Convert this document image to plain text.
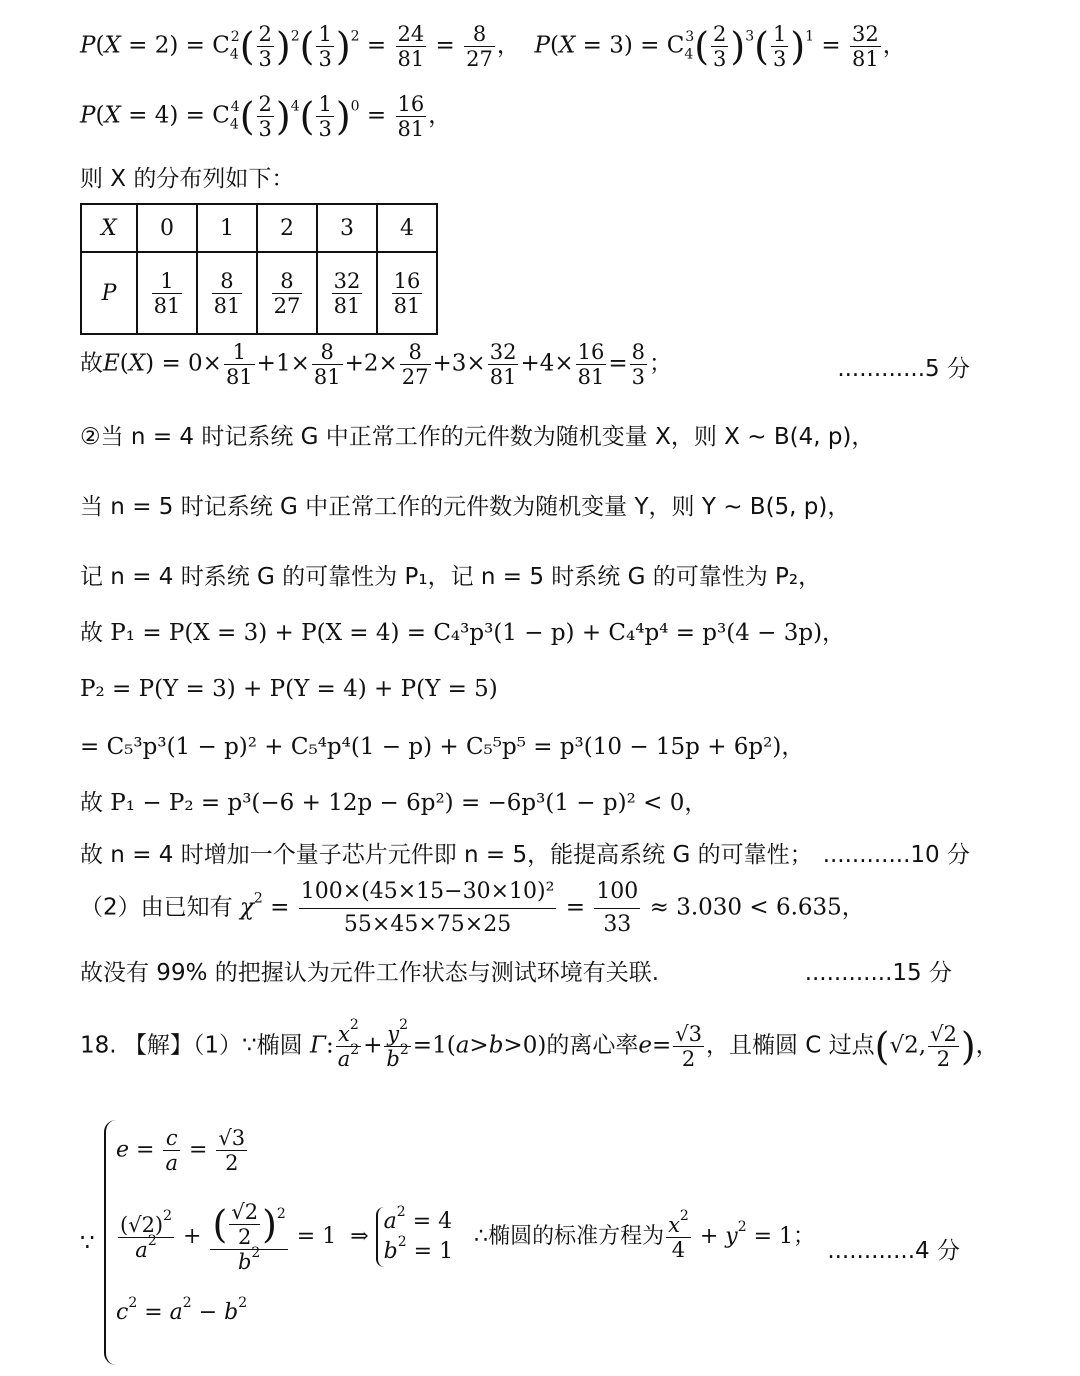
$P(X = 2) = C_4^2( \frac{2}{3} )^2( \frac{1}{3} )^2 = \frac{24}{81} = \frac{8}{27}$ ，  $P(X = 3) = C_4^3( \frac{2}{3} )^3( \frac{1}{3} )^1 = \frac{32}{81}$ ，
$P(X = 4) = C_4^4( \frac{2}{3} )^4( \frac{1}{3} )^0 = \frac{16}{81}$ ，
则 X 的分布列如下：
X	0	1	2	3	4
P	$\frac{1}{81}$	$\frac{8}{81}$	$\frac{8}{27}$	$\frac{32}{81}$	$\frac{16}{81}$
故$E(X) = 0\times \frac{1}{81} +1\times \frac{8}{81} +2\times \frac{8}{27} +3\times \frac{32}{81} +4\times \frac{16}{81} = \frac{8}{3}$ ；	............5 分
②当 n = 4 时记系统 G 中正常工作的元件数为随机变量 X，则 X ~ B(4, p)，
当 n = 5 时记系统 G 中正常工作的元件数为随机变量 Y，则 Y ~ B(5, p)，
记 n = 4 时系统 G 的可靠性为 P₁，记 n = 5 时系统 G 的可靠性为 P₂，
故 P₁ = P(X = 3) + P(X = 4) = C₄³p³(1 − p) + C₄⁴p⁴ = p³(4 − 3p)，
P₂ = P(Y = 3) + P(Y = 4) + P(Y = 5)
= C₅³p³(1 − p)² + C₅⁴p⁴(1 − p) + C₅⁵p⁵ = p³(10 − 15p + 6p²)，
故 P₁ − P₂ = p³(−6 + 12p − 6p²) = −6p³(1 − p)² < 0，
故 n = 4 时增加一个量子芯片元件即 n = 5，能提高系统 G 的可靠性； ............10 分
（2）由已知有 $\chi^2 = \frac{\text{100×(45×15−30×10)²}}{55\times 45\times 75\times 25} = \frac{100}{33} \approx 3.030 < 6.635$，
故没有 99% 的把握认为元件工作状态与测试环境有关联.	............15 分
18. 【解】（1）∵椭圆 Γ: $\frac{x^2}{a^2} + \frac{y^2}{b^2} =1(a>b>0)$的离心率$e= \frac{√3}{2}$ ，且椭圆 C 过点(√2, $\frac{√2}{2}$ )，
∵
$e = \frac{c}{a} = \frac{√3}{2}$
$\frac{(√2)^2}{a^2} + \frac{( \frac{√2}{2} )^2}{b^2} = 1$  ⇒ $a^2 = 4$
$b^2 = 1$   ∴椭圆的标准方程为 $\frac{x^2}{4} + y^2 = 1$；
$c^2 = a^2 - b^2$
............4 分
